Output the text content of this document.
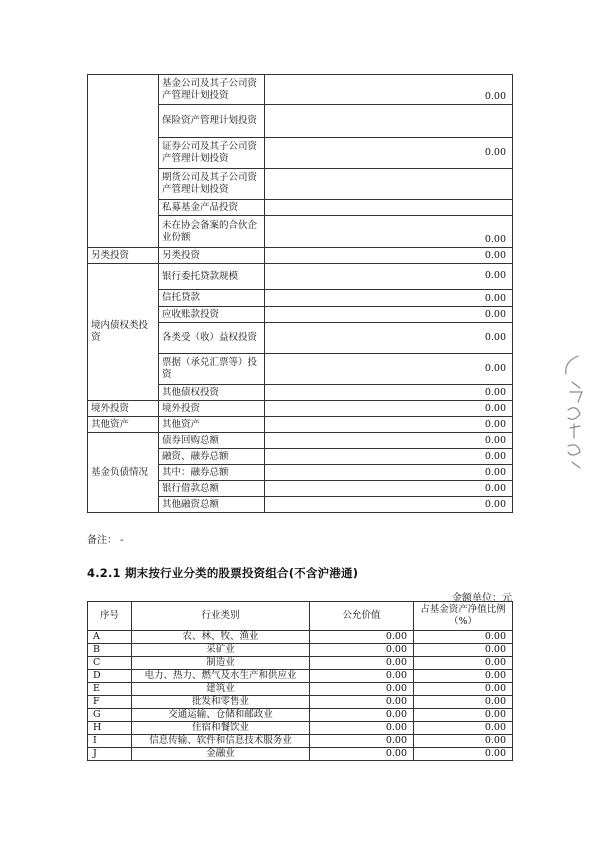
	基金公司及其子公司资产管理计划投资	0.00
	保险资产管理计划投资	
	证券公司及其子公司资产管理计划投资	0.00
	期货公司及其子公司资产管理计划投资	
	私募基金产品投资	
	未在协会备案的合伙企业份额	0.00
另类投资	另类投资	0.00
境内债权类投资	银行委托贷款规模	0.00
	信托贷款	0.00
	应收账款投资	0.00
	各类受（收）益权投资	0.00
	票据（承兑汇票等）投资	0.00
	其他债权投资	0.00
境外投资	境外投资	0.00
其他资产	其他资产	0.00
基金负债情况	债券回购总额	0.00
	融资、融券总额	0.00
	其中：融券总额	0.00
	银行借款总额	0.00
	其他融资总额	0.00
备注： -
4.2.1 期末按行业分类的股票投资组合(不含沪港通)
金额单位：元
序号	行业类别	公允价值	占基金资产净值比例（%）
A	农、林、牧、渔业	0.00	0.00
B	采矿业	0.00	0.00
C	制造业	0.00	0.00
D	电力、热力、燃气及水生产和供应业	0.00	0.00
E	建筑业	0.00	0.00
F	批发和零售业	0.00	0.00
G	交通运输、仓储和邮政业	0.00	0.00
H	住宿和餐饮业	0.00	0.00
I	信息传输、软件和信息技术服务业	0.00	0.00
J	金融业	0.00	0.00
